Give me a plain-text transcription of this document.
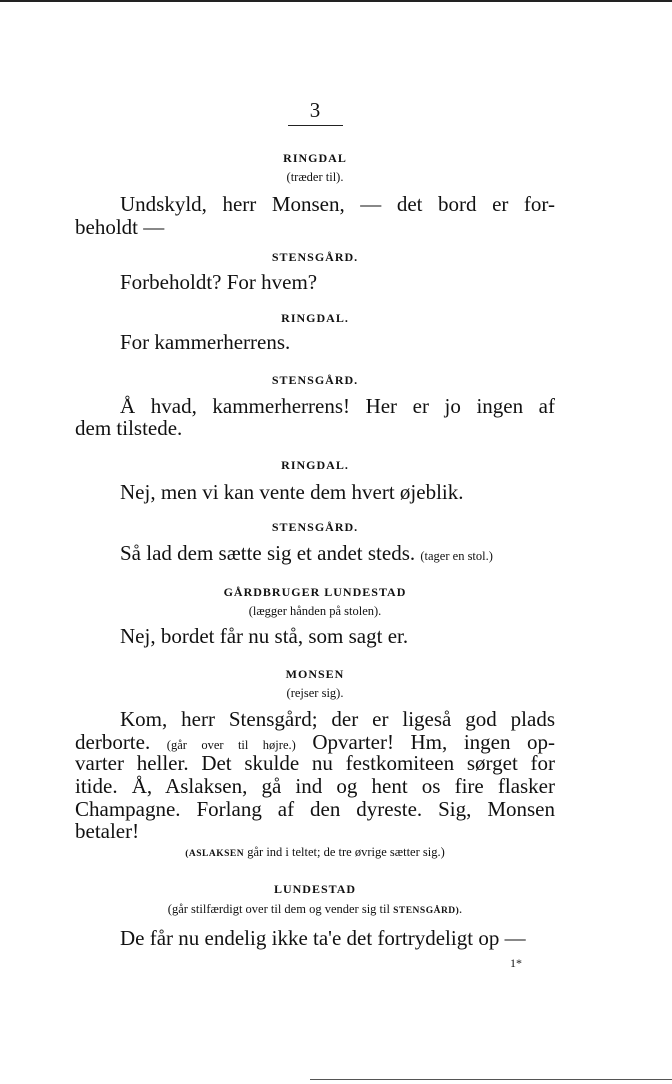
3
RINGDAL
(træder til).
Undskyld, herr Monsen, — det bord er for-
beholdt —
STENSGÅRD.
Forbeholdt? For hvem?
RINGDAL.
For kammerherrens.
STENSGÅRD.
Å hvad, kammerherrens! Her er jo ingen af
dem tilstede.
RINGDAL.
Nej, men vi kan vente dem hvert øjeblik.
STENSGÅRD.
Så lad dem sætte sig et andet steds. (tager en stol.)
GÅRDBRUGER LUNDESTAD
(lægger hånden på stolen).
Nej, bordet får nu stå, som sagt er.
MONSEN
(rejser sig).
Kom, herr Stensgård; der er ligeså god plads
derborte. (går over til højre.) Opvarter! Hm, ingen op-
varter heller. Det skulde nu festkomiteen sørget for
itide. Å, Aslaksen, gå ind og hent os fire flasker
Champagne. Forlang af den dyreste. Sig, Monsen
betaler!
(ASLAKSEN går ind i teltet; de tre øvrige sætter sig.)
LUNDESTAD
(går stilfærdigt over til dem og vender sig til STENSGÅRD).
De får nu endelig ikke ta'e det fortrydeligt op —
1*
